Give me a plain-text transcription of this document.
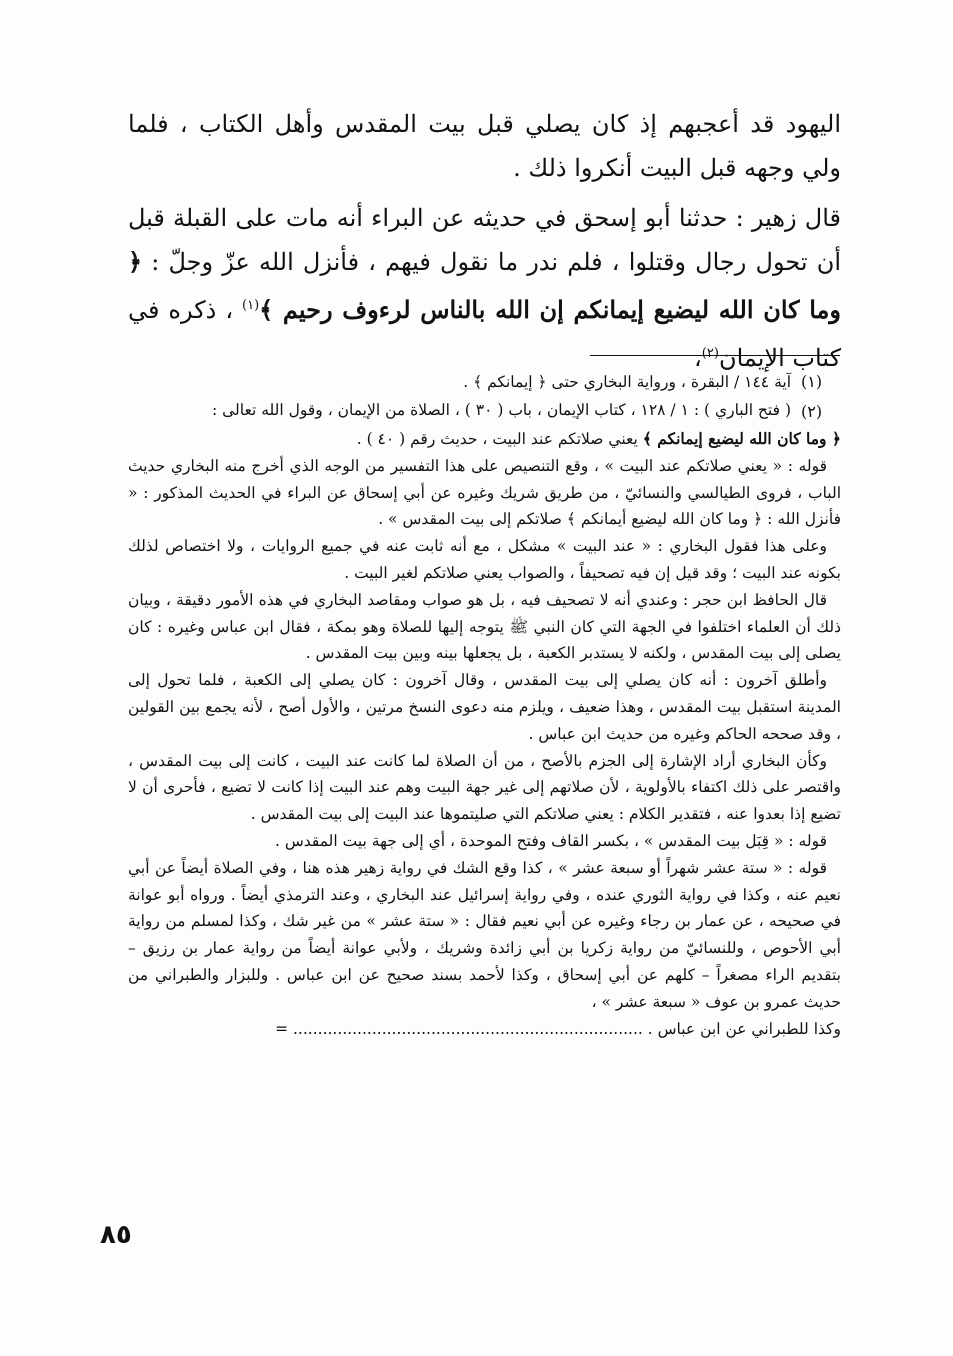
اليهود قد أعجبهم إذ كان يصلي قبل بيت المقدس وأهل الكتاب ، فلما ولي وجهه قبل البيت أنكروا ذلك .

قال زهير : حدثنا أبو إسحق في حديثه عن البراء أنه مات على القبلة قبل أن تحول رجال وقتلوا ، فلم ندر ما نقول فيهم ، فأنزل الله عزّ وجلّ : ﴿ وما كان الله ليضيع إيمانكم إن الله بالناس لرءوف رحيم ﴾$^{(١)}$ ، ذكره في كتاب الإيمان$^{(٢)}$،

(١)
آية ١٤٤ / البقرة ، ورواية البخاري حتى ﴿ إيمانكم ﴾ .
(٢)
( فتح الباري ) : ١ / ١٢٨ ، كتاب الإيمان ، باب ( ٣٠ ) ، الصلاة من الإيمان ، وقول الله تعالى :

﴿ وما كان الله ليضيع إيمانكم ﴾ يعني صلاتكم عند البيت ، حديث رقم ( ٤٠ ) .

قوله : « يعني صلاتكم عند البيت » ، وقع التنصيص على هذا التفسير من الوجه الذي أخرج منه البخاري حديث الباب ، فروى الطيالسي والنسائيّ ، من طريق شريك وغيره عن أبي إسحاق عن البراء في الحديث المذكور : « فأنزل الله : ﴿ وما كان الله ليضيع أيمانكم ﴾ صلاتكم إلى بيت المقدس » .

وعلى هذا فقول البخاري : « عند البيت » مشكل ، مع أنه ثابت عنه في جميع الروايات ، ولا اختصاص لذلك بكونه عند البيت ؛ وقد قيل إن فيه تصحيفاً ، والصواب يعني صلاتكم لغير البيت .

قال الحافظ ابن حجر : وعندي أنه لا تصحيف فيه ، بل هو صواب ومقاصد البخاري في هذه الأمور دقيقة ، وبيان ذلك أن العلماء اختلفوا في الجهة التي كان النبي ﷺ يتوجه إليها للصلاة وهو بمكة ، فقال ابن عباس وغيره : كان يصلى إلى بيت المقدس ، ولكنه لا يستدبر الكعبة ، بل يجعلها بينه وبين بيت المقدس .

وأطلق آخرون : أنه كان يصلي إلى بيت المقدس ، وقال آخرون : كان يصلي إلى الكعبة ، فلما تحول إلى المدينة استقبل بيت المقدس ، وهذا ضعيف ، ويلزم منه دعوى النسخ مرتين ، والأول أصح ، لأنه يجمع بين القولين ، وقد صححه الحاكم وغيره من حديث ابن عباس .

وكأن البخاري أراد الإشارة إلى الجزم بالأصح ، من أن الصلاة لما كانت عند البيت ، كانت إلى بيت المقدس ، واقتصر على ذلك اكتفاء بالأولوية ، لأن صلاتهم إلى غير جهة البيت وهم عند البيت إذا كانت لا تضيع ، فأحرى أن لا تضيع إذا بعدوا عنه ، فتقدير الكلام : يعني صلاتكم التي صليتموها عند البيت إلى بيت المقدس .

قوله : « قِبَل بيت المقدس » ، بكسر القاف وفتح الموحدة ، أي إلى جهة بيت المقدس .

قوله : « ستة عشر شهراً أو سبعة عشر » ، كذا وقع الشك في رواية زهير هذه هنا ، وفي الصلاة أيضاً عن أبي نعيم عنه ، وكذا في رواية الثوري عنده ، وفي رواية إسرائيل عند البخاري ، وعند الترمذي أيضاً . ورواه أبو عوانة في صحيحه ، عن عمار بن رجاء وغيره عن أبي نعيم فقال : « ستة عشر » من غير شك ، وكذا لمسلم من رواية أبي الأحوص ، وللنسائيّ من رواية زكريا بن أبي زائدة وشريك ، ولأبي عوانة أيضاً من رواية عمار بن رزيق – بتقديم الراء مصغراً – كلهم عن أبي إسحاق ، وكذا لأحمد بسند صحيح عن ابن عباس . وللبزار والطبراني من حديث عمرو بن عوف « سبعة عشر » ،

وكذا للطبراني عن ابن عباس . ....................................................................... =

٨٥
